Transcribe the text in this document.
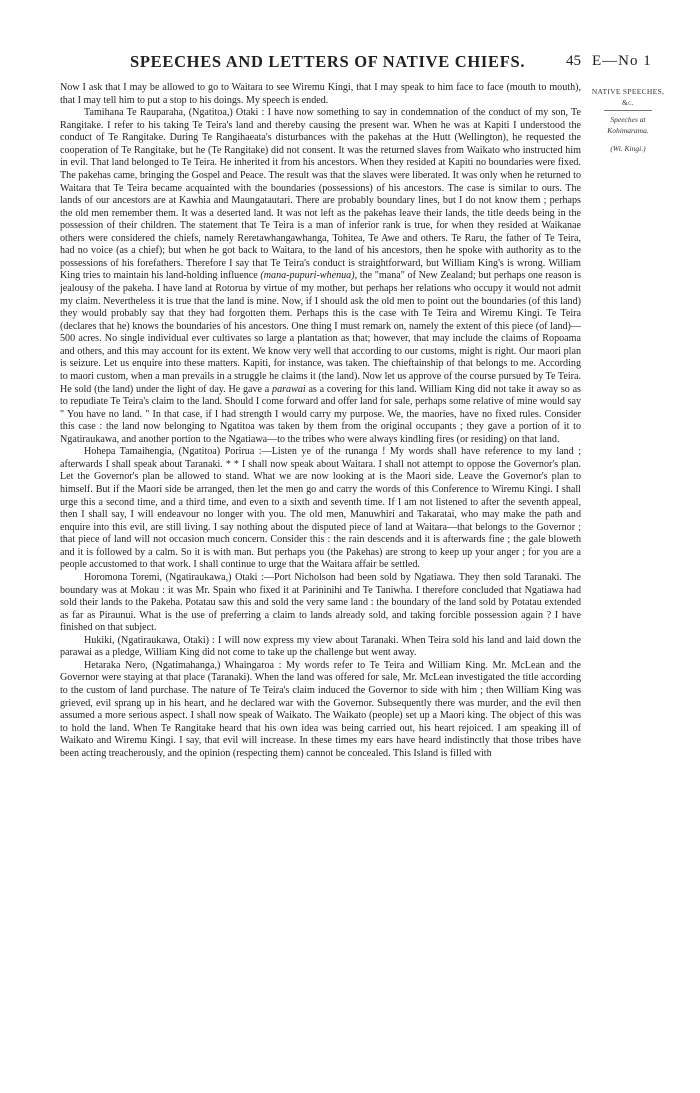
SPEECHES AND LETTERS OF NATIVE CHIEFS.	45 E—No 1
NATIVE SPEECHES, &c.
Speeches at Kohimarama.
(Wi. Kingi.)

Now I ask that I may be allowed to go to Waitara to see Wiremu Kingi, that I may speak to him face to face (mouth to mouth), that I may tell him to put a stop to his doings. My speech is ended.

Tamihana Te Rauparaha, (Ngatitoa,) Otaki : I have now something to say in condemnation of the conduct of my son, Te Rangitake. I refer to his taking Te Teira's land and thereby causing the present war. When he was at Kapiti I understood the conduct of Te Rangitake. During Te Rangihaeata's disturbances with the pakehas at the Hutt (Wellington), he requested the cooperation of Te Rangitake, but he (Te Rangitake) did not consent. It was the returned slaves from Waikato who instructed him in evil. That land belonged to Te Teira. He inherited it from his ancestors. When they resided at Kapiti no boundaries were fixed. The pakehas came, bringing the Gospel and Peace. The result was that the slaves were liberated. It was only when he returned to Waitara that Te Teira became acquainted with the boundaries (possessions) of his ancestors. The case is similar to ours. The lands of our ancestors are at Kawhia and Maungatautari. There are probably boundary lines, but I do not know them ; perhaps the old men remember them. It was a deserted land. It was not left as the pakehas leave their lands, the title deeds being in the possession of their children. The statement that Te Teira is a man of inferior rank is true, for when they resided at Waikanae others were considered the chiefs, namely Reretawhangawhanga, Tohitea, Te Awe and others. Te Raru, the father of Te Teira, had no voice (as a chief); but when he got back to Waitara, to the land of his ancestors, then he spoke with authority as to the possessions of his forefathers. Therefore I say that Te Teira's conduct is straightforward, but William King's is wrong. William King tries to maintain his land-holding influence (mana-pupuri-whenua), the "mana" of New Zealand; but perhaps one reason is jealousy of the pakeha. I have land at Rotorua by virtue of my mother, but perhaps her relations who occupy it would not admit my claim. Nevertheless it is true that the land is mine. Now, if I should ask the old men to point out the boundaries (of this land) they would probably say that they had forgotten them. Perhaps this is the case with Te Teira and Wiremu Kingi. Te Teira (declares that he) knows the boundaries of his ancestors. One thing I must remark on, namely the extent of this piece (of land)—500 acres. No single individual ever cultivates so large a plantation as that; however, that may include the claims of Ropoama and others, and this may account for its extent. We know very well that according to our customs, might is right. Our maori plan is seizure. Let us enquire into these matters. Kapiti, for instance, was taken. The chieftainship of that belongs to me. According to maori custom, when a man prevails in a struggle he claims it (the land). Now let us approve of the course pursued by Te Teira. He sold (the land) under the light of day. He gave a parawai as a covering for this land. William King did not take it away so as to repudiate Te Teira's claim to the land. Should I come forward and offer land for sale, perhaps some relative of mine would say " You have no land. " In that case, if I had strength I would carry my purpose. We, the maories, have no fixed rules. Consider this case : the land now belonging to Ngatitoa was taken by them from the original occupants ; they gave a portion of it to Ngatiraukawa, and another portion to the Ngatiawa—to the tribes who were always kindling fires (or residing) on that land.

Hohepa Tamaihengia, (Ngatitoa) Porirua :—Listen ye of the runanga ! My words shall have reference to my land ; afterwards I shall speak about Taranaki. * * I shall now speak about Waitara. I shall not attempt to oppose the Governor's plan. Let the Governor's plan be allowed to stand. What we are now looking at is the Maori side. Leave the Governor's plan to himself. But if the Maori side be arranged, then let the men go and carry the words of this Conference to Wiremu Kingi. I shall urge this a second time, and a third time, and even to a sixth and seventh time. If I am not listened to after the seventh appeal, then I shall say, I will endeavour no longer with you. The old men, Manuwhiri and Takaratai, who may make the path and enquire into this evil, are still living. I say nothing about the disputed piece of land at Waitara—that belongs to the Governor ; that piece of land will not occasion much concern. Consider this : the rain descends and it is afterwards fine ; the gale bloweth and it is followed by a calm. So it is with man. But perhaps you (the Pakehas) are strong to keep up your anger ; for you are a people accustomed to that work. I shall continue to urge that the Waitara affair be settled.

Horomona Toremi, (Ngatiraukawa,) Otaki :—Port Nicholson had been sold by Ngatiawa. They then sold Taranaki. The boundary was at Mokau : it was Mr. Spain who fixed it at Parininihi and Te Taniwha. I therefore concluded that Ngatiawa had sold their lands to the Pakeha. Potatau saw this and sold the very same land : the boundary of the land sold by Potatau extended as far as Piraunui. What is the use of preferring a claim to lands already sold, and taking forcible possession again ? I have finished on that subject.

Hukiki, (Ngatiraukawa, Otaki) : I will now express my view about Taranaki. When Teira sold his land and laid down the parawai as a pledge, William King did not come to take up the challenge but went away.

Hetaraka Nero, (Ngatimahanga,) Whaingaroa : My words refer to Te Teira and William King. Mr. McLean and the Governor were staying at that place (Taranaki). When the land was offered for sale, Mr. McLean investigated the title according to the custom of land purchase. The nature of Te Teira's claim induced the Governor to side with him ; then William King was grieved, evil sprang up in his heart, and he declared war with the Governor. Subsequently there was murder, and the evil then assumed a more serious aspect. I shall now speak of Waikato. The Waikato (people) set up a Maori king. The object of this was to hold the land. When Te Rangitake heard that his own idea was being carried out, his heart rejoiced. I am speaking ill of Waikato and Wiremu Kingi. I say, that evil will increase. In these times my ears have heard indistinctly that those tribes have been acting treacherously, and the opinion (respecting them) cannot be concealed. This Island is filled with
